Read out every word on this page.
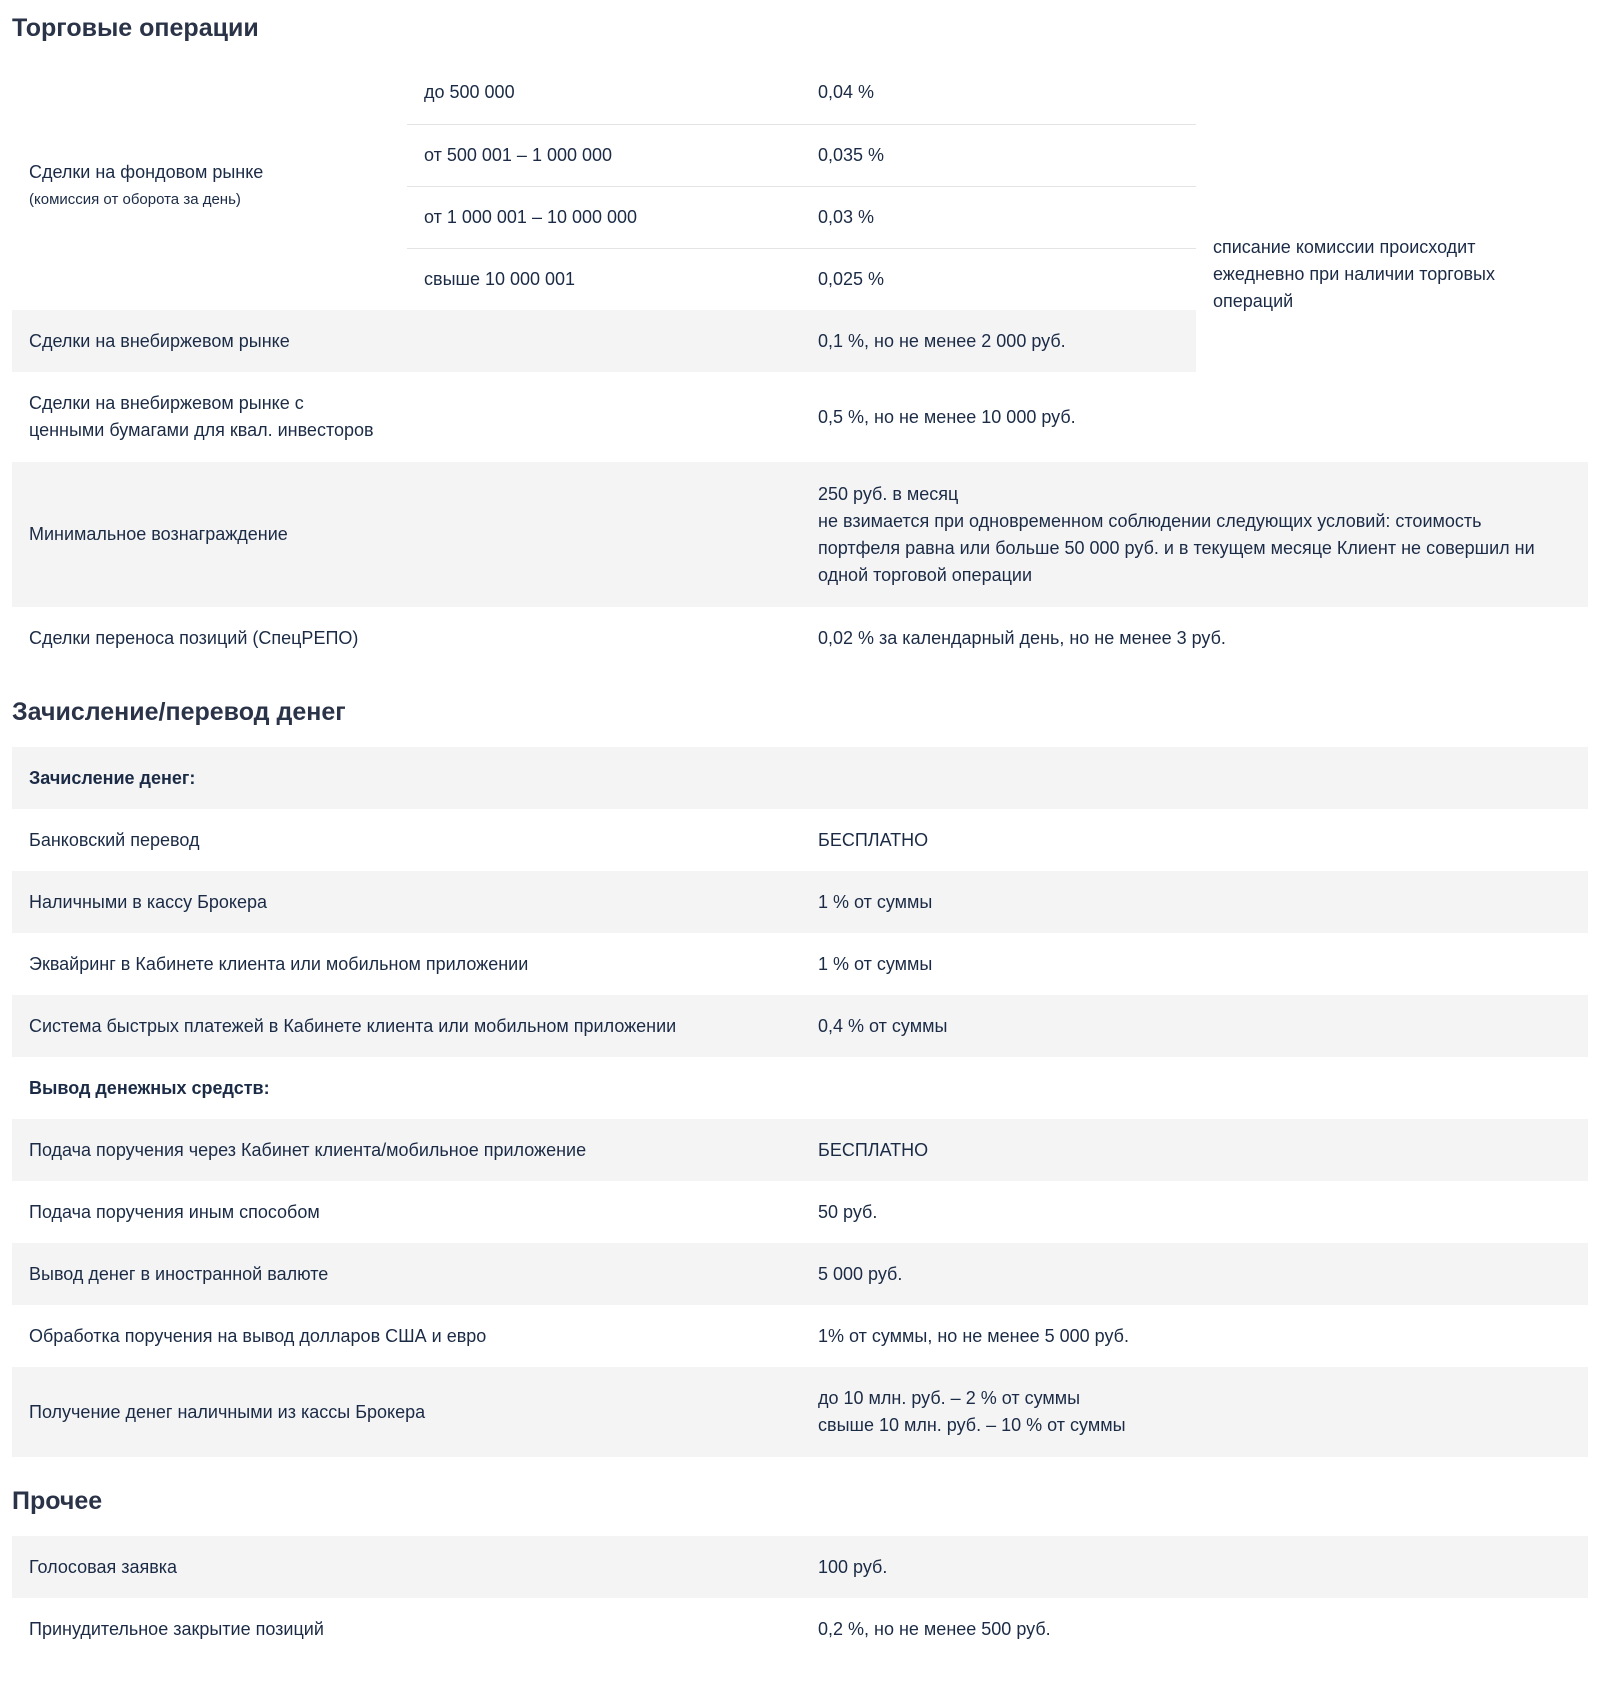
Торговые операции
Сделки на фондовом рынке
(комиссия от оборота за день)	до 500 000	0,04 %	списание комиссии происходит ежедневно при наличии торговых операций

	от 500 001 – 1 000 000	0,035 %	
	от 1 000 001 – 10 000 000	0,03 %	
	свыше 10 000 001	0,025 %	
Сделки на внебиржевом рынке		0,1 %, но не менее 2 000 руб.	

Сделки на внебиржевом рынке с
ценными бумагами для квал. инвесторов		0,5 %, но не менее 10 000 руб.	
Минимальное вознаграждение		250 руб. в месяц
не взимается при одновременном соблюдении следующих условий: стоимость
портфеля равна или больше 50 000 руб. и в текущем месяце Клиент не совершил ни
одной торговой операции	

Сделки переноса позиций (СпецРЕПО)		0,02 % за календарный день, но не менее 3 руб.	
Зачисление/перевод денег
Зачисление денег:	
Банковский перевод	БЕСПЛАТНО
Наличными в кассу Брокера	1 % от суммы
Эквайринг в Кабинете клиента или мобильном приложении	1 % от суммы
Система быстрых платежей в Кабинете клиента или мобильном приложении	0,4 % от суммы
Вывод денежных средств:	
Подача поручения через Кабинет клиента/мобильное приложение	БЕСПЛАТНО
Подача поручения иным способом	50 руб.
Вывод денег в иностранной валюте	5 000 руб.
Обработка поручения на вывод долларов США и евро	1% от суммы, но не менее 5 000 руб.
Получение денег наличными из кассы Брокера	до 10 млн. руб. – 2 % от суммы
свыше 10 млн. руб. – 10 % от суммы
Прочее
Голосовая заявка	100 руб.
Принудительное закрытие позиций	0,2 %, но не менее 500 руб.
